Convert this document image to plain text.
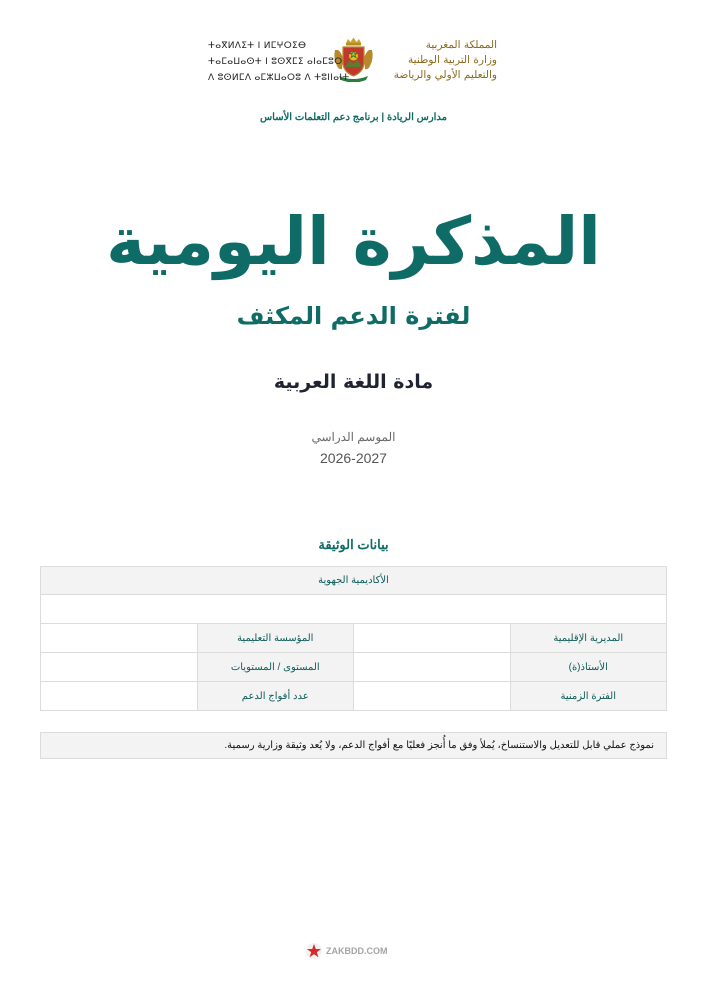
المملكة المغربية
وزارة التربية الوطنية
والتعليم الأولي والرياضة
ⵜⴰⴳⵍⴷⵉⵜ ⵏ ⵍⵎⵖⵔⵉⴱ
ⵜⴰⵎⴰⵡⴰⵙⵜ ⵏ ⵓⵙⴳⵎⵉ ⴰⵏⴰⵎⵓⵔ
ⴷ ⵓⵙⵍⵎⴷ ⴰⵎⵣⵡⴰⵔⵓ ⴷ ⵜⵓⵏⵏⴰⵏⵜ
مدارس الريادة | برنامج دعم التعلمات الأساس
المذكرة اليومية
لفترة الدعم المكثف
مادة اللغة العربية
الموسم الدراسي
2026-2027
بيانات الوثيقة
الأكاديمية الجهوية			

المديرية الإقليمية		المؤسسة التعليمية	
الأستاذ(ة)		المستوى / المستويات	
الفترة الزمنية		عدد أفواج الدعم	
نموذج عملي قابل للتعديل والاستنساخ، يُملأ وفق ما أُنجز فعليًا مع أفواج الدعم، ولا يُعد وثيقة وزارية رسمية.
ZAKBDD.COM
